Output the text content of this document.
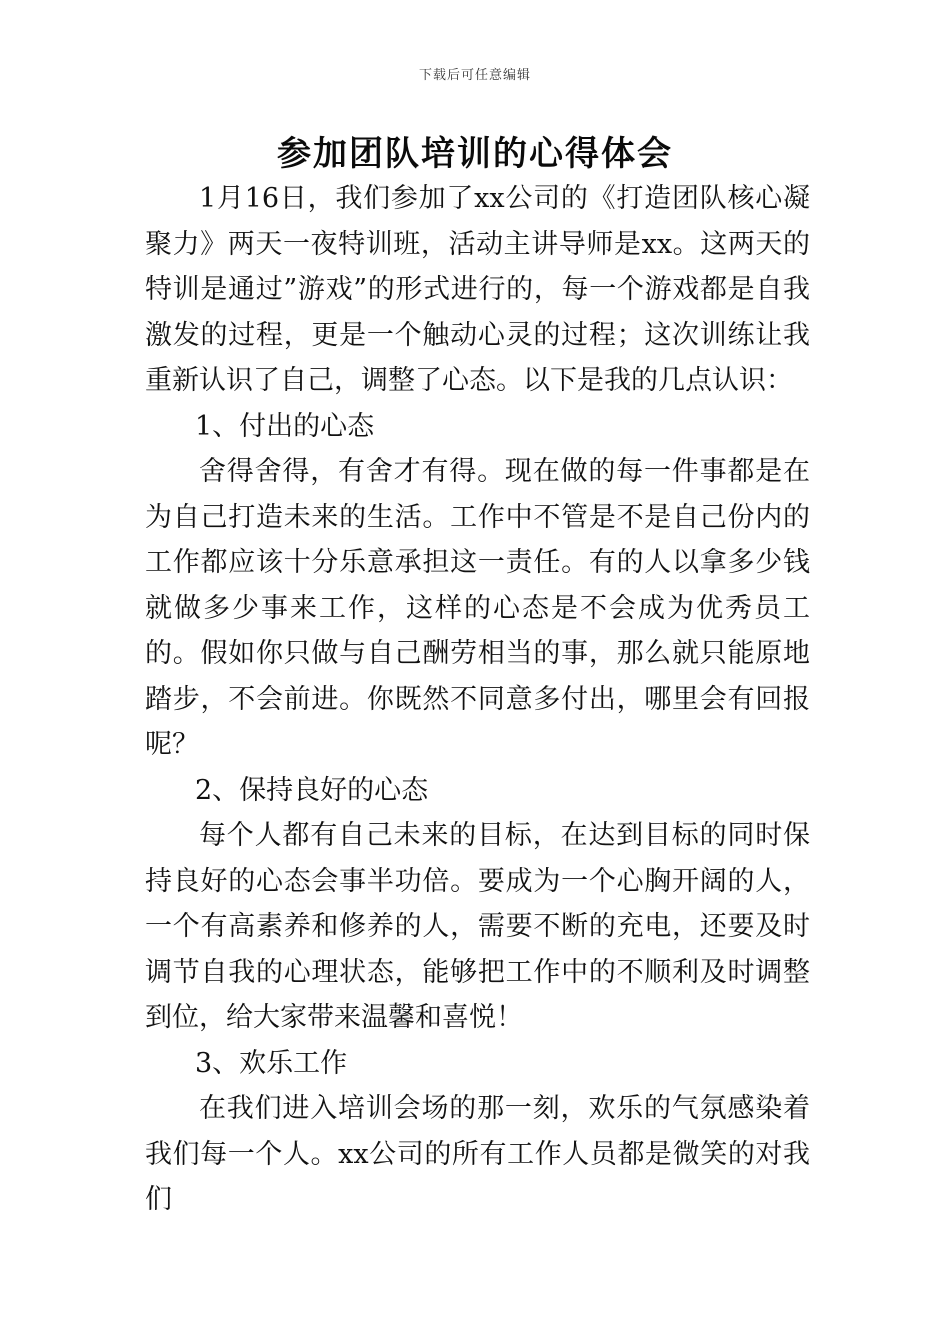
下载后可任意编辑
参加团队培训的心得体会

1月16日，我们参加了xx公司的《打造团队核心凝聚力》两天一夜特训班，活动主讲导师是xx。这两天的特训是通过”游戏”的形式进行的，每一个游戏都是自我激发的过程，更是一个触动心灵的过程；这次训练让我重新认识了自己，调整了心态。以下是我的几点认识：

1、付出的心态

舍得舍得，有舍才有得。现在做的每一件事都是在为自己打造未来的生活。工作中不管是不是自己份内的工作都应该十分乐意承担这一责任。有的人以拿多少钱就做多少事来工作，这样的心态是不会成为优秀员工的。假如你只做与自己酬劳相当的事，那么就只能原地踏步，不会前进。你既然不同意多付出，哪里会有回报呢？

2、保持良好的心态

每个人都有自己未来的目标，在达到目标的同时保持良好的心态会事半功倍。要成为一个心胸开阔的人，一个有高素养和修养的人，需要不断的充电，还要及时调节自我的心理状态，能够把工作中的不顺利及时调整到位，给大家带来温馨和喜悦！

3、欢乐工作

在我们进入培训会场的那一刻，欢乐的气氛感染着我们每一个人。xx公司的所有工作人员都是微笑的对我们
